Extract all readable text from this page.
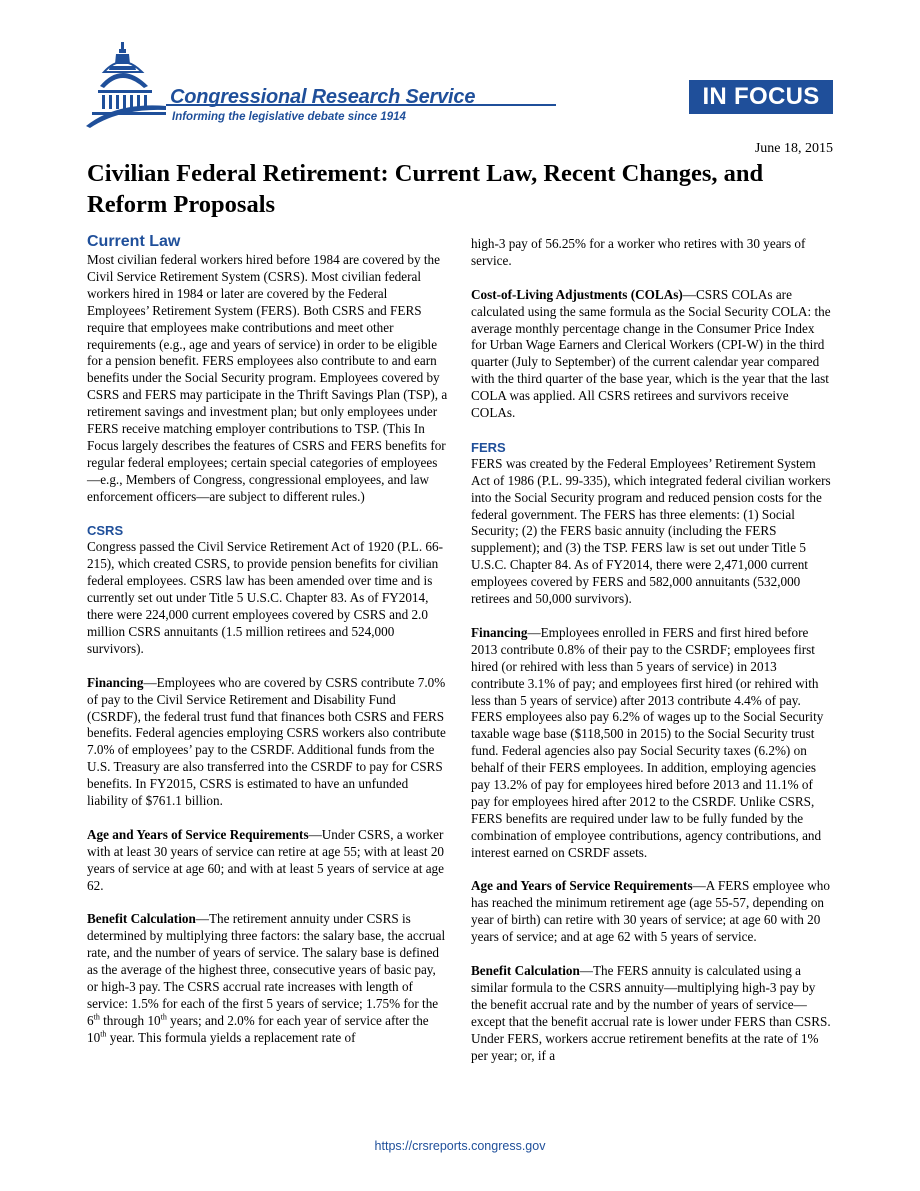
Congressional Research Service
Informing the legislative debate since 1914
IN FOCUS
June 18, 2015
Civilian Federal Retirement: Current Law, Recent Changes, and Reform Proposals
Current Law

Most civilian federal workers hired before 1984 are covered by the Civil Service Retirement System (CSRS). Most civilian federal workers hired in 1984 or later are covered by the Federal Employees’ Retirement System (FERS). Both CSRS and FERS require that employees make contributions and meet other requirements (e.g., age and years of service) in order to be eligible for a pension benefit. FERS employees also contribute to and earn benefits under the Social Security program. Employees covered by CSRS and FERS may participate in the Thrift Savings Plan (TSP), a retirement savings and investment plan; but only employees under FERS receive matching employer contributions to TSP. (This In Focus largely describes the features of CSRS and FERS benefits for regular federal employees; certain special categories of employees—e.g., Members of Congress, congressional employees, and law enforcement officers—are subject to different rules.)

CSRS

Congress passed the Civil Service Retirement Act of 1920 (P.L. 66-215), which created CSRS, to provide pension benefits for civilian federal employees. CSRS law has been amended over time and is currently set out under Title 5 U.S.C. Chapter 83. As of FY2014, there were 224,000 current employees covered by CSRS and 2.0 million CSRS annuitants (1.5 million retirees and 524,000 survivors).

Financing—Employees who are covered by CSRS contribute 7.0% of pay to the Civil Service Retirement and Disability Fund (CSRDF), the federal trust fund that finances both CSRS and FERS benefits. Federal agencies employing CSRS workers also contribute 7.0% of employees’ pay to the CSRDF. Additional funds from the U.S. Treasury are also transferred into the CSRDF to pay for CSRS benefits. In FY2015, CSRS is estimated to have an unfunded liability of $761.1 billion.

Age and Years of Service Requirements—Under CSRS, a worker with at least 30 years of service can retire at age 55; with at least 20 years of service at age 60; and with at least 5 years of service at age 62.

Benefit Calculation—The retirement annuity under CSRS is determined by multiplying three factors: the salary base, the accrual rate, and the number of years of service. The salary base is defined as the average of the highest three, consecutive years of basic pay, or high-3 pay. The CSRS accrual rate increases with length of service: 1.5% for each of the first 5 years of service; 1.75% for the 6th through 10th years; and 2.0% for each year of service after the 10th year. This formula yields a replacement rate of

high-3 pay of 56.25% for a worker who retires with 30 years of service.

Cost-of-Living Adjustments (COLAs)—CSRS COLAs are calculated using the same formula as the Social Security COLA: the average monthly percentage change in the Consumer Price Index for Urban Wage Earners and Clerical Workers (CPI-W) in the third quarter (July to September) of the current calendar year compared with the third quarter of the base year, which is the year that the last COLA was applied. All CSRS retirees and survivors receive COLAs.

FERS

FERS was created by the Federal Employees’ Retirement System Act of 1986 (P.L. 99-335), which integrated federal civilian workers into the Social Security program and reduced pension costs for the federal government. The FERS has three elements: (1) Social Security; (2) the FERS basic annuity (including the FERS supplement); and (3) the TSP. FERS law is set out under Title 5 U.S.C. Chapter 84. As of FY2014, there were 2,471,000 current employees covered by FERS and 582,000 annuitants (532,000 retirees and 50,000 survivors).

Financing—Employees enrolled in FERS and first hired before 2013 contribute 0.8% of their pay to the CSRDF; employees first hired (or rehired with less than 5 years of service) in 2013 contribute 3.1% of pay; and employees first hired (or rehired with less than 5 years of service) after 2013 contribute 4.4% of pay. FERS employees also pay 6.2% of wages up to the Social Security taxable wage base ($118,500 in 2015) to the Social Security trust fund. Federal agencies also pay Social Security taxes (6.2%) on behalf of their FERS employees. In addition, employing agencies pay 13.2% of pay for employees hired before 2013 and 11.1% of pay for employees hired after 2012 to the CSRDF. Unlike CSRS, FERS benefits are required under law to be fully funded by the combination of employee contributions, agency contributions, and interest earned on CSRDF assets.

Age and Years of Service Requirements—A FERS employee who has reached the minimum retirement age (age 55-57, depending on year of birth) can retire with 30 years of service; at age 60 with 20 years of service; and at age 62 with 5 years of service.

Benefit Calculation—The FERS annuity is calculated using a similar formula to the CSRS annuity—multiplying high-3 pay by the benefit accrual rate and by the number of years of service—except that the benefit accrual rate is lower under FERS than CSRS. Under FERS, workers accrue retirement benefits at the rate of 1% per year; or, if a

https://crsreports.congress.gov
